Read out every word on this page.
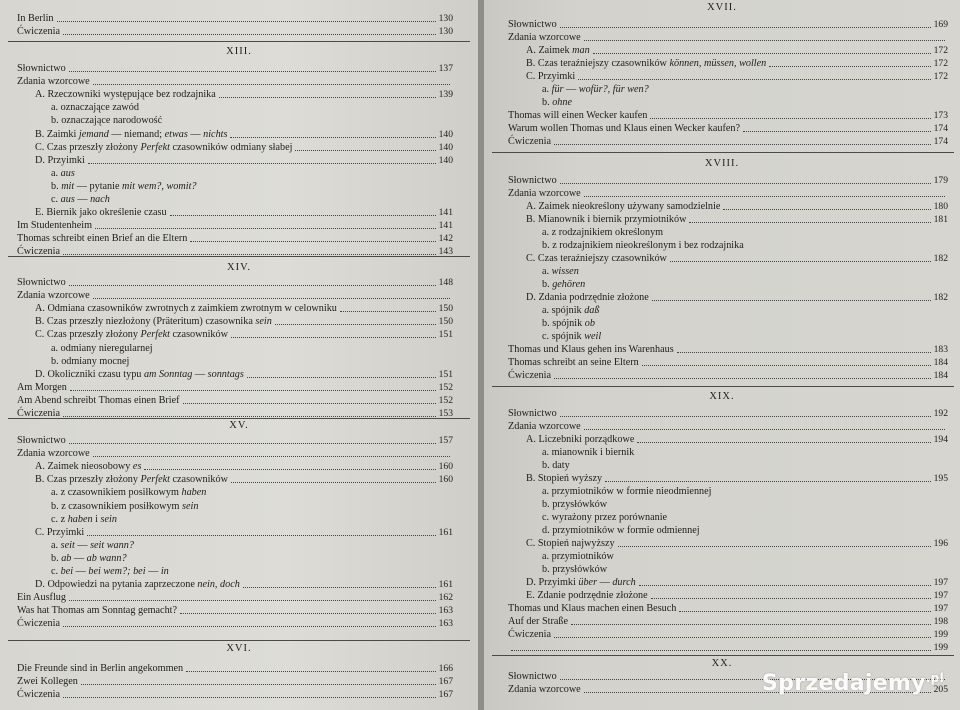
In Berlin	130
Ćwiczenia	130
XIII.
Słownictwo	137
Zdania wzorcowe
A. Rzeczowniki występujące bez rodzajnika	139
a. oznaczające zawód
b. oznaczające narodowość
B. Zaimki jemand — niemand; etwas — nichts	140
C. Czas przeszły złożony Perfekt czasowników odmiany słabej	140
D. Przyimki	140
a. aus
b. mit — pytanie mit wem?, womit?
c. aus — nach
E. Biernik jako określenie czasu	141
Im Studentenheim	141
Thomas schreibt einen Brief an die Eltern	142
Ćwiczenia	143
XIV.
Słownictwo	148
Zdania wzorcowe
A. Odmiana czasowników zwrotnych z zaimkiem zwrotnym w celowniku	150
B. Czas przeszły niezłożony (Präteritum) czasownika sein	150
C. Czas przeszły złożony Perfekt czasowników	151
a. odmiany nieregularnej
b. odmiany mocnej
D. Okoliczniki czasu typu am Sonntag — sonntags	151
Am Morgen	152
Am Abend schreibt Thomas einen Brief	152
Ćwiczenia	153
XV.
Słownictwo	157
Zdania wzorcowe
A. Zaimek nieosobowy es	160
B. Czas przeszły złożony Perfekt czasowników	160
a. z czasownikiem posiłkowym haben
b. z czasownikiem posiłkowym sein
c. z haben i sein
C. Przyimki	161
a. seit — seit wann?
b. ab — ab wann?
c. bei — bei wem?; bei — in
D. Odpowiedzi na pytania zaprzeczone nein, doch	161
Ein Ausflug	162
Was hat Thomas am Sonntag gemacht?	163
Ćwiczenia	163
XVI.
Die Freunde sind in Berlin angekommen	166
Zwei Kollegen	167
Ćwiczenia	167
XVII.
Słownictwo	169
Zdania wzorcowe
A. Zaimek man	172
B. Czas teraźniejszy czasowników können, müssen, wollen	172
C. Przyimki	172
a. für — wofür?, für wen?
b. ohne
Thomas will einen Wecker kaufen	173
Warum wollen Thomas und Klaus einen Wecker kaufen?	174
Ćwiczenia	174
XVIII.
Słownictwo	179
Zdania wzorcowe
A. Zaimek nieokreślony używany samodzielnie	180
B. Mianownik i biernik przymiotników	181
a. z rodzajnikiem określonym
b. z rodzajnikiem nieokreślonym i bez rodzajnika
C. Czas teraźniejszy czasowników	182
a. wissen
b. gehören
D. Zdania podrzędnie złożone	182
a. spójnik daß
b. spójnik ob
c. spójnik weil
Thomas und Klaus gehen ins Warenhaus	183
Thomas schreibt an seine Eltern	184
Ćwiczenia	184
XIX.
Słownictwo	192
Zdania wzorcowe
A. Liczebniki porządkowe	194
a. mianownik i biernik
b. daty
B. Stopień wyższy	195
a. przymiotników w formie nieodmiennej
b. przysłówków
c. wyrażony przez porównanie
d. przymiotników w formie odmiennej
C. Stopień najwyższy	196
a. przymiotników
b. przysłówków
D. Przyimki über — durch	197
E. Zdanie podrzędnie złożone	197
Thomas und Klaus machen einen Besuch	197
Auf der Straße	198
Ćwiczenia	199
199
XX.
Słownictwo
Zdania wzorcowe	205
Sprzedajemy$^{.pl}$
